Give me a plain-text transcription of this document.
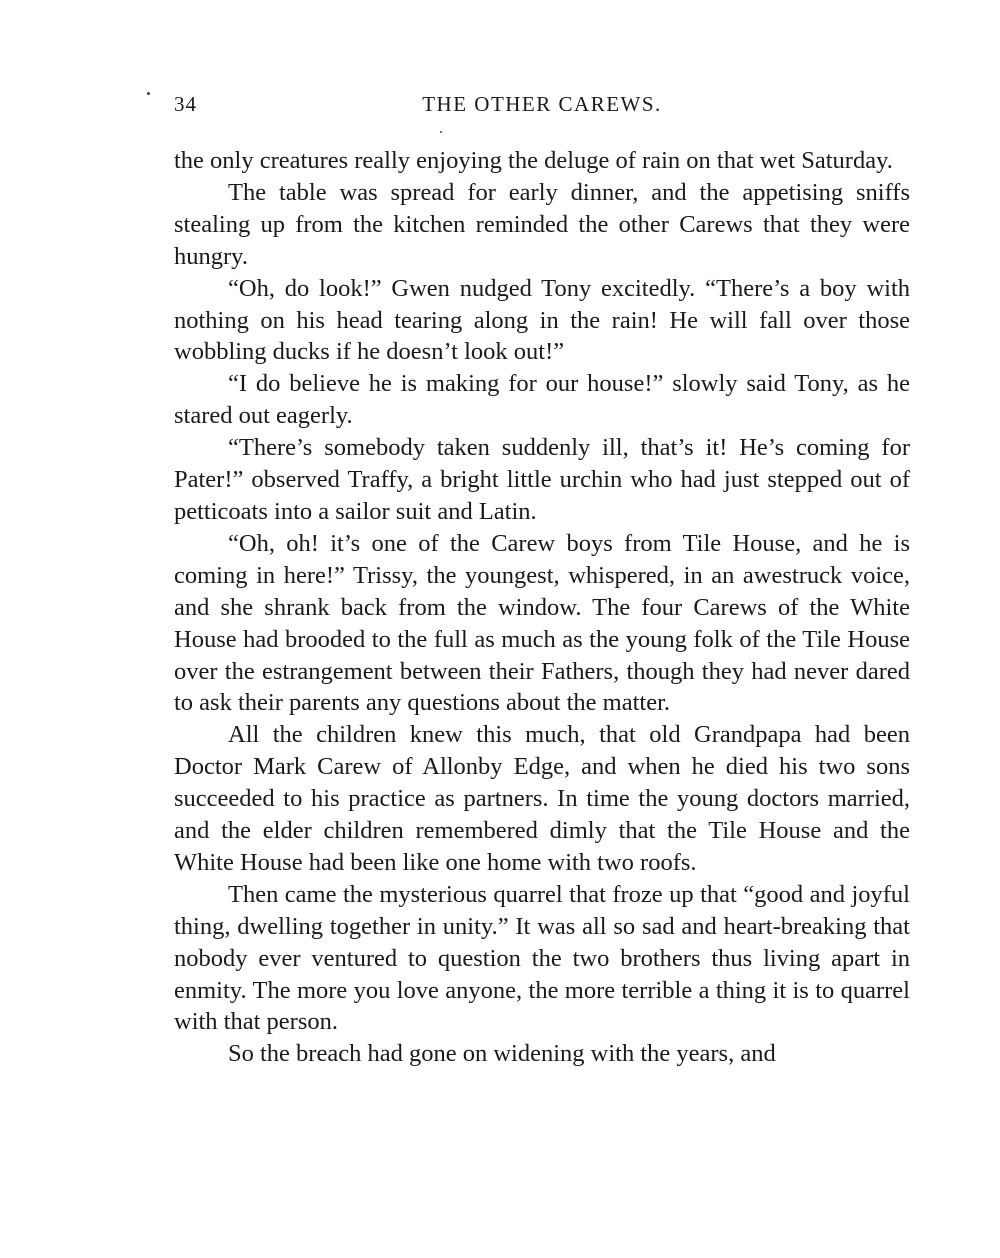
34	THE OTHER CAREWS.

the only creatures really enjoying the deluge of rain on that wet Saturday.

The table was spread for early dinner, and the appetising sniffs stealing up from the kitchen reminded the other Carews that they were hungry.

“Oh, do look!” Gwen nudged Tony excitedly. “There’s a boy with nothing on his head tearing along in the rain! He will fall over those wobbling ducks if he doesn’t look out!”

“I do believe he is making for our house!” slowly said Tony, as he stared out eagerly.

“There’s somebody taken suddenly ill, that’s it! He’s coming for Pater!” observed Traffy, a bright little urchin who had just stepped out of petticoats into a sailor suit and Latin.

“Oh, oh! it’s one of the Carew boys from Tile House, and he is coming in here!” Trissy, the youngest, whispered, in an awestruck voice, and she shrank back from the window. The four Carews of the White House had brooded to the full as much as the young folk of the Tile House over the estrangement between their Fathers, though they had never dared to ask their parents any questions about the matter.

All the children knew this much, that old Grandpapa had been Doctor Mark Carew of Allonby Edge, and when he died his two sons succeeded to his practice as partners. In time the young doctors married, and the elder children remembered dimly that the Tile House and the White House had been like one home with two roofs.

Then came the mysterious quarrel that froze up that “good and joyful thing, dwelling together in unity.” It was all so sad and heart-breaking that nobody ever ventured to question the two brothers thus living apart in enmity. The more you love anyone, the more terrible a thing it is to quarrel with that person.

So the breach had gone on widening with the years, and
